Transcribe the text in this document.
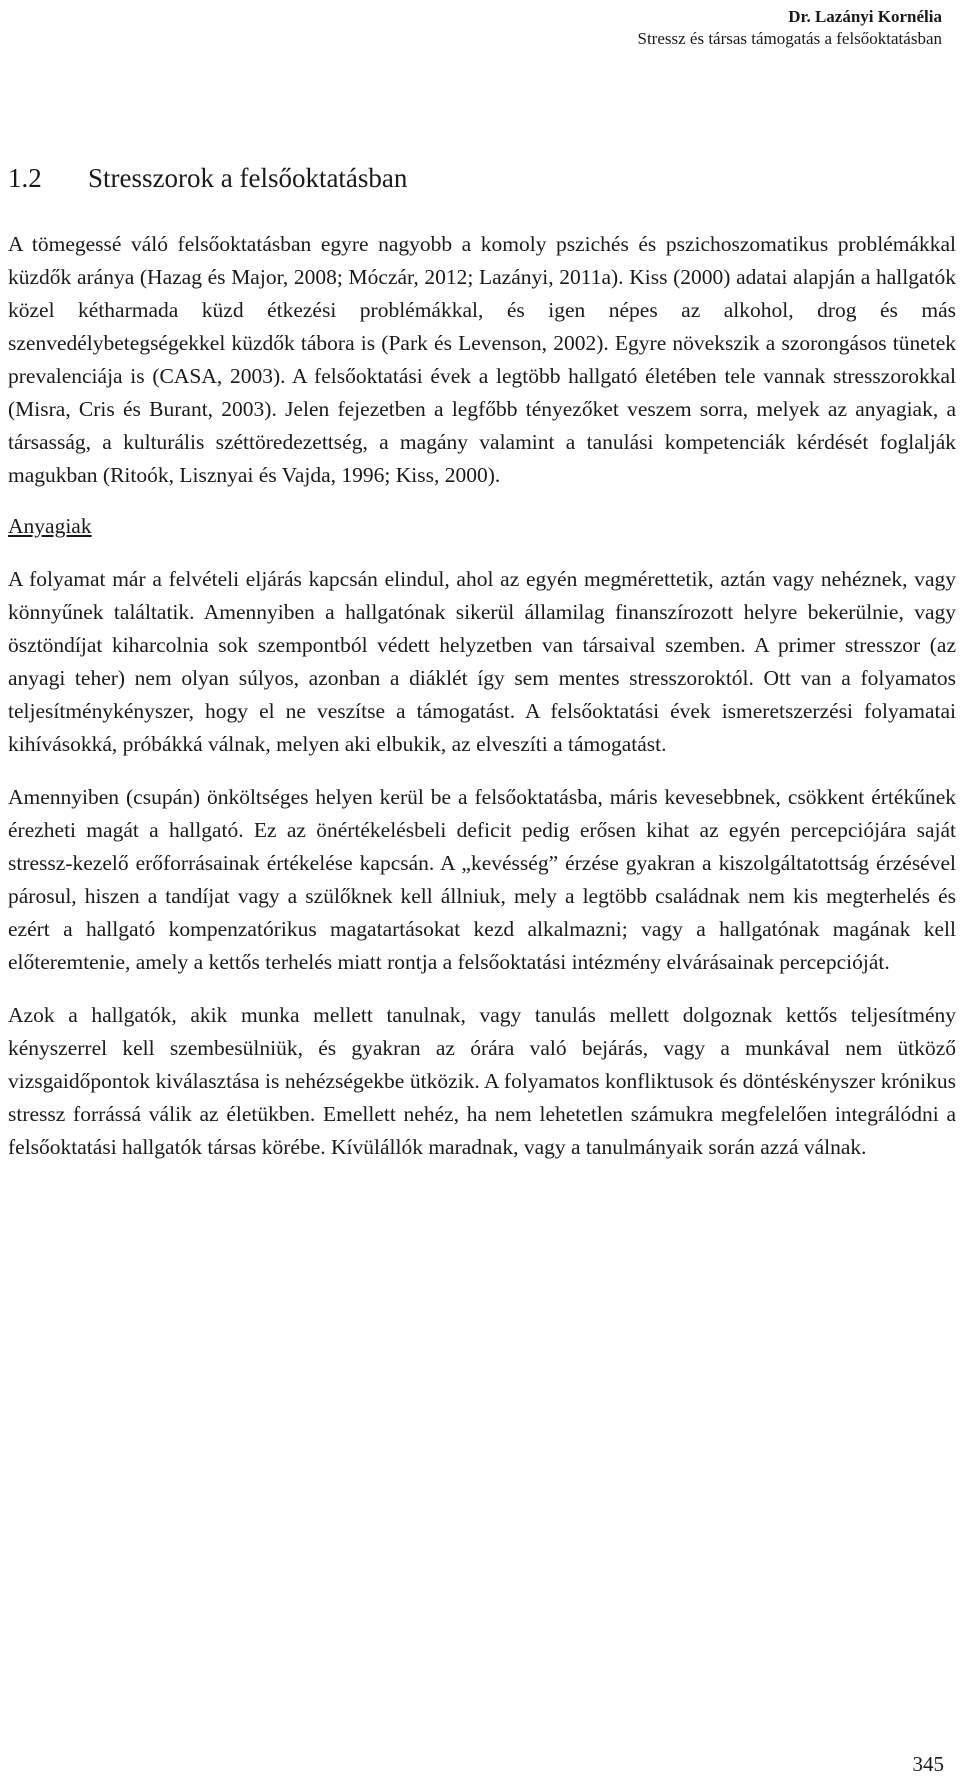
Dr. Lazányi Kornélia
Stressz és társas támogatás a felsőoktatásban
1.2	Stresszorok a felsőoktatásban

A tömegessé váló felsőoktatásban egyre nagyobb a komoly pszichés és pszichoszomatikus problémákkal küzdők aránya (Hazag és Major, 2008; Móczár, 2012; Lazányi, 2011a). Kiss (2000) adatai alapján a hallgatók közel kétharmada küzd étkezési problémákkal, és igen népes az alkohol, drog és más szenvedélybetegségekkel küzdők tábora is (Park és Levenson, 2002). Egyre növekszik a szorongásos tünetek prevalenciája is (CASA, 2003). A felsőoktatási évek a legtöbb hallgató életében tele vannak stresszorokkal (Misra, Cris és Burant, 2003). Jelen fejezetben a legfőbb tényezőket veszem sorra, melyek az anyagiak, a társasság, a kulturális széttöredezettség, a magány valamint a tanulási kompetenciák kérdését foglalják magukban (Ritoók, Lisznyai és Vajda, 1996; Kiss, 2000).

Anyagiak

A folyamat már a felvételi eljárás kapcsán elindul, ahol az egyén megmérettetik, aztán vagy nehéznek, vagy könnyűnek találtatik. Amennyiben a hallgatónak sikerül államilag finanszírozott helyre bekerülnie, vagy ösztöndíjat kiharcolnia sok szempontból védett helyzetben van társaival szemben. A primer stresszor (az anyagi teher) nem olyan súlyos, azonban a diáklét így sem mentes stresszoroktól. Ott van a folyamatos teljesítménykényszer, hogy el ne veszítse a támogatást. A felsőoktatási évek ismeretszerzési folyamatai kihívásokká, próbákká válnak, melyen aki elbukik, az elveszíti a támogatást.

Amennyiben (csupán) önköltséges helyen kerül be a felsőoktatásba, máris kevesebbnek, csökkent értékűnek érezheti magát a hallgató. Ez az önértékelésbeli deficit pedig erősen kihat az egyén percepciójára saját stressz-kezelő erőforrásainak értékelése kapcsán. A „kevésség” érzése gyakran a kiszolgáltatottság érzésével párosul, hiszen a tandíjat vagy a szülőknek kell állniuk, mely a legtöbb családnak nem kis megterhelés és ezért a hallgató kompenzatórikus magatartásokat kezd alkalmazni; vagy a hallgatónak magának kell előteremtenie, amely a kettős terhelés miatt rontja a felsőoktatási intézmény elvárásainak percepcióját.

Azok a hallgatók, akik munka mellett tanulnak, vagy tanulás mellett dolgoznak kettős teljesítmény kényszerrel kell szembesülniük, és gyakran az órára való bejárás, vagy a munkával nem ütköző vizsgaidőpontok kiválasztása is nehézségekbe ütközik. A folyamatos konfliktusok és döntéskényszer krónikus stressz forrássá válik az életükben. Emellett nehéz, ha nem lehetetlen számukra megfelelően integrálódni a felsőoktatási hallgatók társas körébe. Kívülállók maradnak, vagy a tanulmányaik során azzá válnak.

345
